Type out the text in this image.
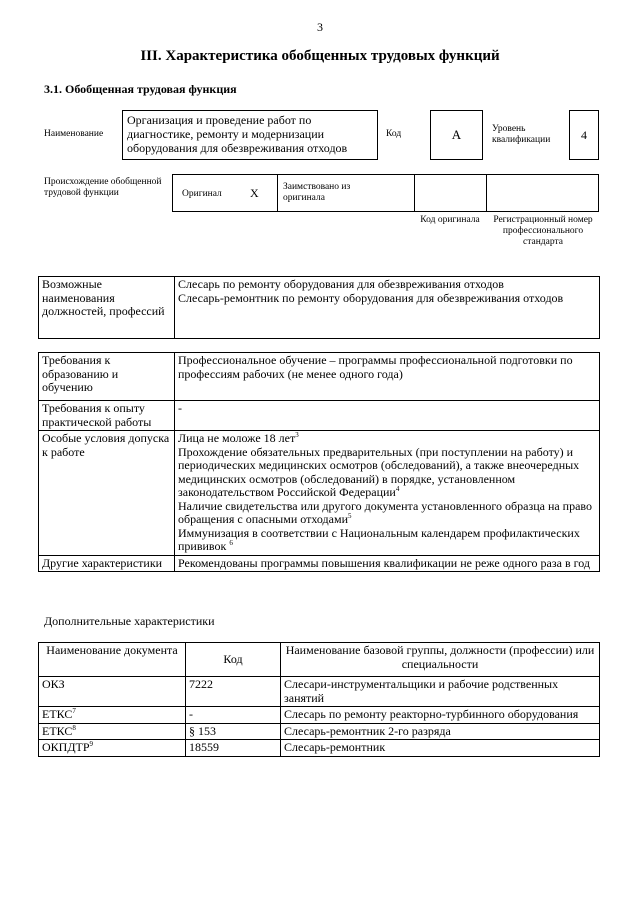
3
III. Характеристика обобщенных трудовых функций
3.1. Обобщенная трудовая функция
Наименование
Организация и проведение работ по диагностике, ремонту и модернизации оборудования для обезвреживания отходов
Код	А	Уровень квалификации	4
Происхождение обобщенной трудовой функции	Оригинал X	Заимствовано из оригинала
Код оригинала	Регистрационный номер профессионального стандарта
Возможные наименования должностей, профессий	
Слесарь по ремонту оборудования для обезвреживания отходов
Слесарь-ремонтник по ремонту оборудования для обезвреживания отходов
Требования к образованию и обучению	Профессиональное обучение – программы профессиональной подготовки по профессиям рабочих (не менее одного года)
Требования к опыту практической работы	-
Особые условия допуска к работе	Лица не моложе 18 лет$^3$
Прохождение обязательных предварительных (при поступлении на работу) и периодических медицинских осмотров (обследований), а также внеочередных медицинских осмотров (обследований) в порядке, установленном законодательством Российской Федерации$^4$
Наличие свидетельства или другого документа установленного образца на право обращения с опасными отходами$^5$
Иммунизация в соответствии с Национальным календарем профилактических прививок $^6$

Другие характеристики	Рекомендованы программы повышения квалификации не реже одного раза в год
Дополнительные характеристики
Наименование документа	Код	Наименование базовой группы, должности (профессии) или специальности
ОКЗ	7222	Слесари-инструментальщики и рабочие родственных занятий
ЕТКС$^7$	-	Слесарь по ремонту реакторно-турбинного оборудования
ЕТКС$^8$	§ 153	Слесарь-ремонтник 2-го разряда
ОКПДТР$^9$	18559	Слесарь-ремонтник
